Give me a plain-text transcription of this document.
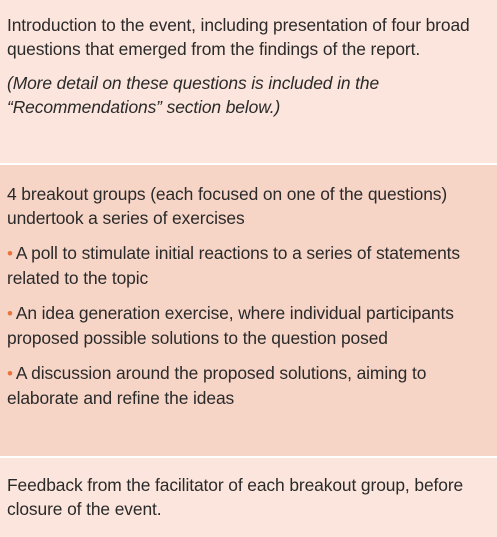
Introduction to the event, including presentation of four broad questions that emerged from the findings of the report.

(More detail on these questions is included in the “Recommendations” section below.)

4 breakout groups (each focused on one of the questions) undertook a series of exercises

• A poll to stimulate initial reactions to a series of statements related to the topic

• An idea generation exercise, where individual participants proposed possible solutions to the question posed

• A discussion around the proposed solutions, aiming to elaborate and refine the ideas

Feedback from the facilitator of each breakout group, before closure of the event.
